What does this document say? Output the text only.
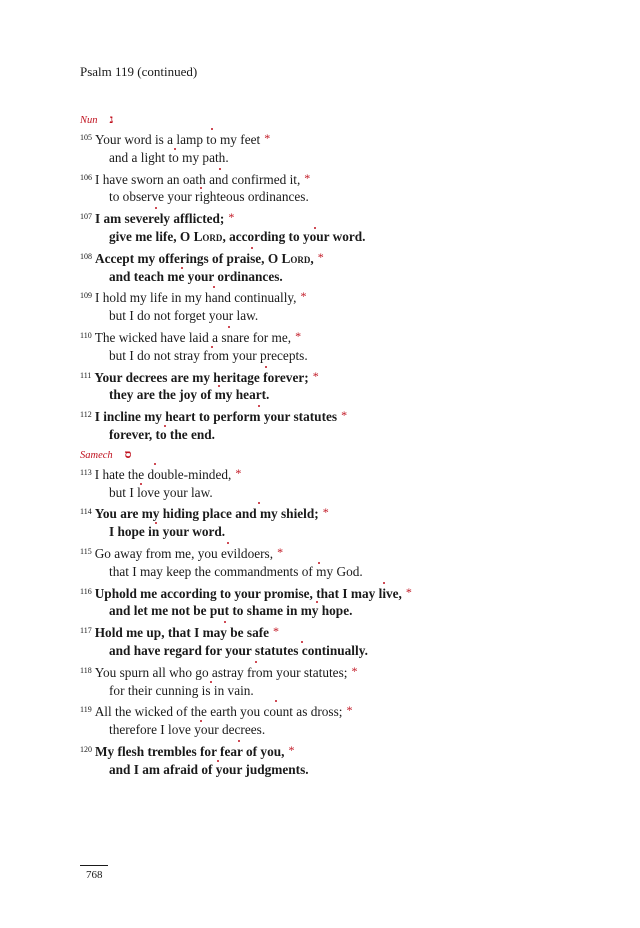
Psalm 119 (continued)
Nun נ
$^{105}$ Your word is a lamp to my feet *
and a light to my path.
$^{106}$ I have sworn an oath and confirmed it, *
to observe your righteous ordinances.
$^{107}$ I am severely afflicted; *
give me life, O Lord, according to your word.
$^{108}$ Accept my offerings of praise, O Lord, *
and teach me your ordinances.
$^{109}$ I hold my life in my hand continually, *
but I do not forget your law.
$^{110}$ The wicked have laid a snare for me, *
but I do not stray from your precepts.
$^{111}$ Your decrees are my heritage forever; *
they are the joy of my heart.
$^{112}$ I incline my heart to perform your statutes *
forever, to the end.
Samech ס
$^{113}$ I hate the double-minded, *
but I love your law.
$^{114}$ You are my hiding place and my shield; *
I hope in your word.
$^{115}$ Go away from me, you evildoers, *
that I may keep the commandments of my God.
$^{116}$ Uphold me according to your promise, that I may live, *
and let me not be put to shame in my hope.
$^{117}$ Hold me up, that I may be safe *
and have regard for your statutes continually.
$^{118}$ You spurn all who go astray from your statutes; *
for their cunning is in vain.
$^{119}$ All the wicked of the earth you count as dross; *
therefore I love your decrees.
$^{120}$ My flesh trembles for fear of you, *
and I am afraid of your judgments.
768
